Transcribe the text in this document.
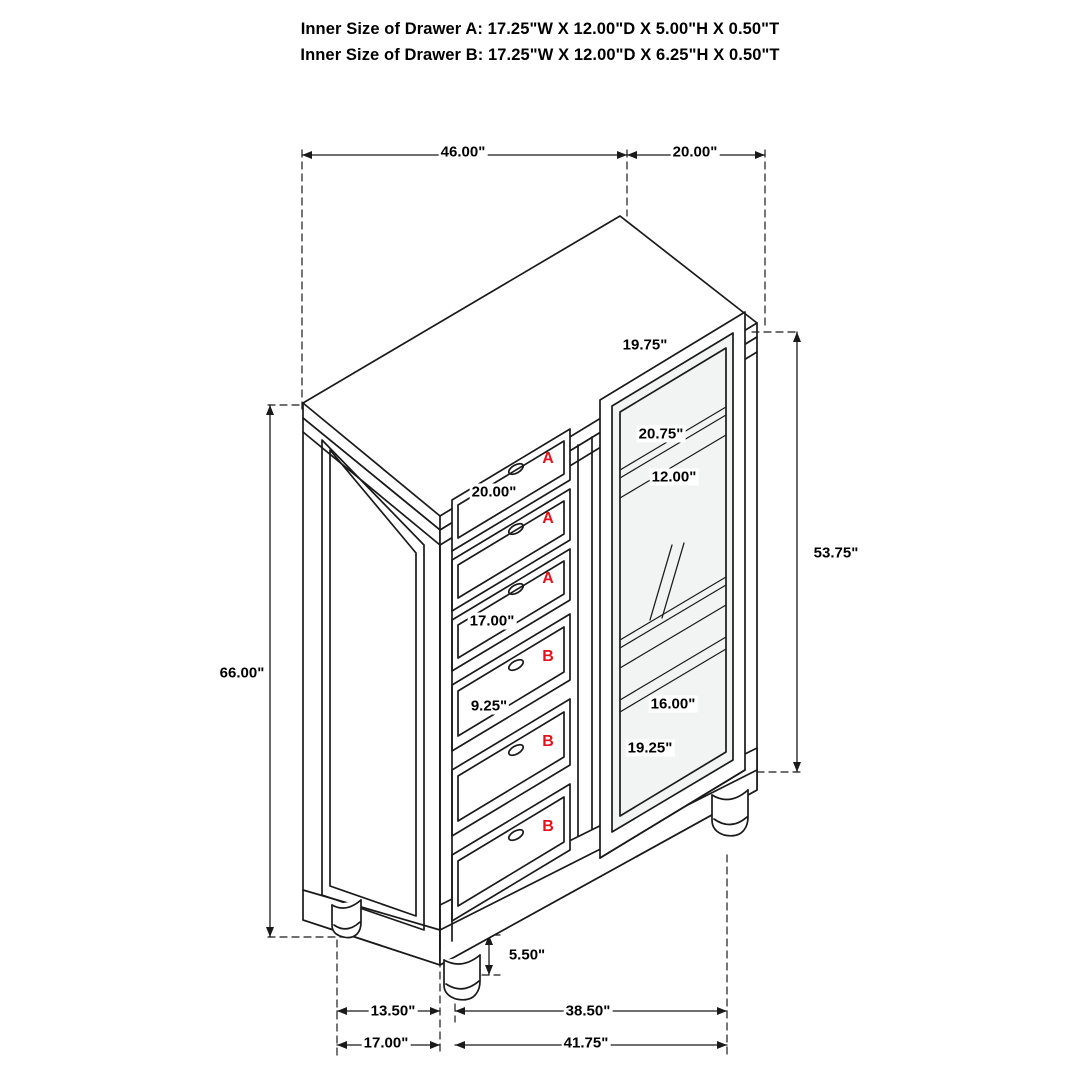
Inner Size of Drawer A: 17.25"W X 12.00"D X 5.00"H X 0.50"T
Inner Size of Drawer B: 17.25"W X 12.00"D X 6.25"H X 0.50"T
46.00"	20.00"
19.75"
20.75"
12.00"
53.75"
20.00"
17.00"
9.25"	16.00"
19.25"
66.00"
5.50"
13.50"	38.50"
17.00"	41.75"
A
A
A
B
B
B
